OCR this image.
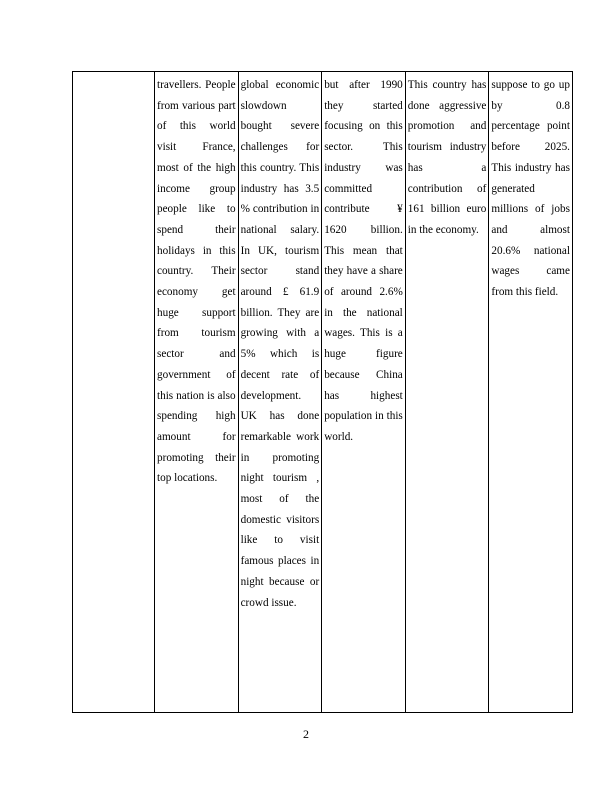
	travellers. People from various part of this world visit France, most of the high income group people like to spend their holidays in this country. Their economy get huge support from tourism sector and government of this nation is also spending high amount for promoting their top locations.	global economic slowdown bought severe challenges for this country. This industry has 3.5 % contribution in national salary. In UK, tourism sector stand around £ 61.9 billion. They are growing with a 5% which is decent rate of development. UK has done remarkable work in promoting night tourism , most of the domestic visitors like to visit famous places in night because or crowd issue.	but after 1990 they started focusing on this sector. This industry was committed contribute ¥ 1620 billion. This mean that they have a share of around 2.6% in the national wages. This is a huge figure because China has highest population in this world.	This country has done aggressive promotion and tourism industry has a contribution of 161 billion euro in the economy.	suppose to go up by 0.8 percentage point before 2025. This industry has generated millions of jobs and almost 20.6% national wages came from this field.
2
